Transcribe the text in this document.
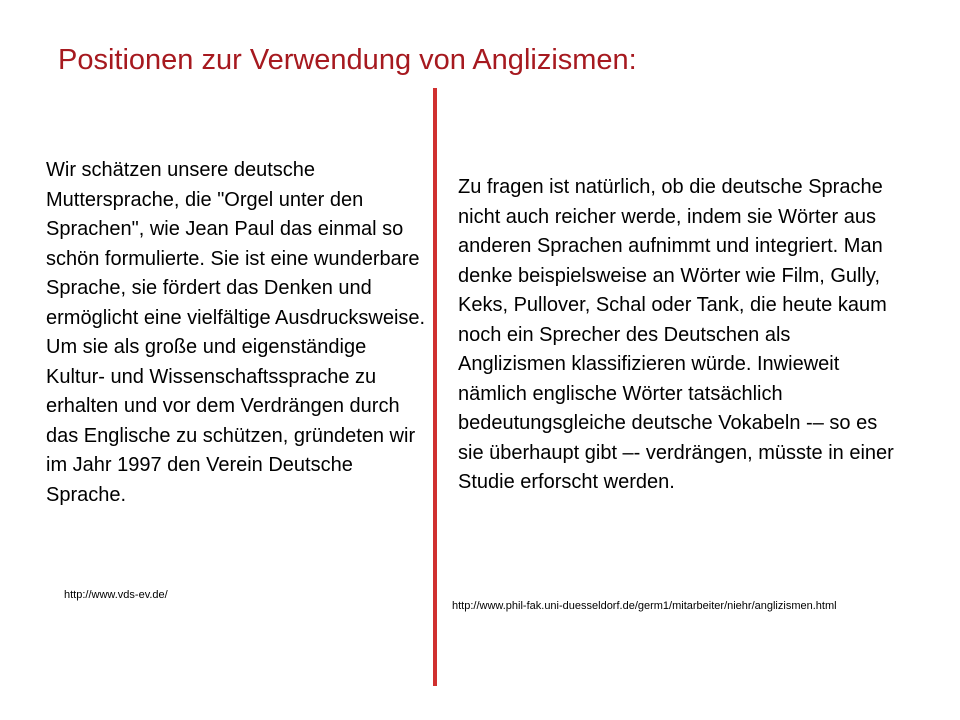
Positionen zur Verwendung von Anglizismen:

Wir schätzen unsere deutsche Muttersprache, die "Orgel unter den Sprachen", wie Jean Paul das einmal so schön formulierte. Sie ist eine wunderbare Sprache, sie fördert das Denken und ermöglicht eine vielfältige Ausdrucksweise.
Um sie als große und eigenständige Kultur- und Wissenschaftssprache zu erhalten und vor dem Verdrängen durch das Englische zu schützen, gründeten wir im Jahr 1997 den Verein Deutsche Sprache.

http://www.vds-ev.de/

Zu fragen ist natürlich, ob die deutsche Sprache nicht auch reicher werde, indem sie Wörter aus anderen Sprachen aufnimmt und integriert. Man denke beispielsweise an Wörter wie Film, Gully, Keks, Pullover, Schal oder Tank, die heute kaum noch ein Sprecher des Deutschen als Anglizismen klassifizieren würde. Inwieweit nämlich englische Wörter tatsächlich bedeutungsgleiche deutsche Vokabeln -– so es sie überhaupt gibt –- verdrängen, müsste in einer Studie erforscht werden.

http://www.phil-fak.uni-duesseldorf.de/germ1/mitarbeiter/niehr/anglizismen.html
